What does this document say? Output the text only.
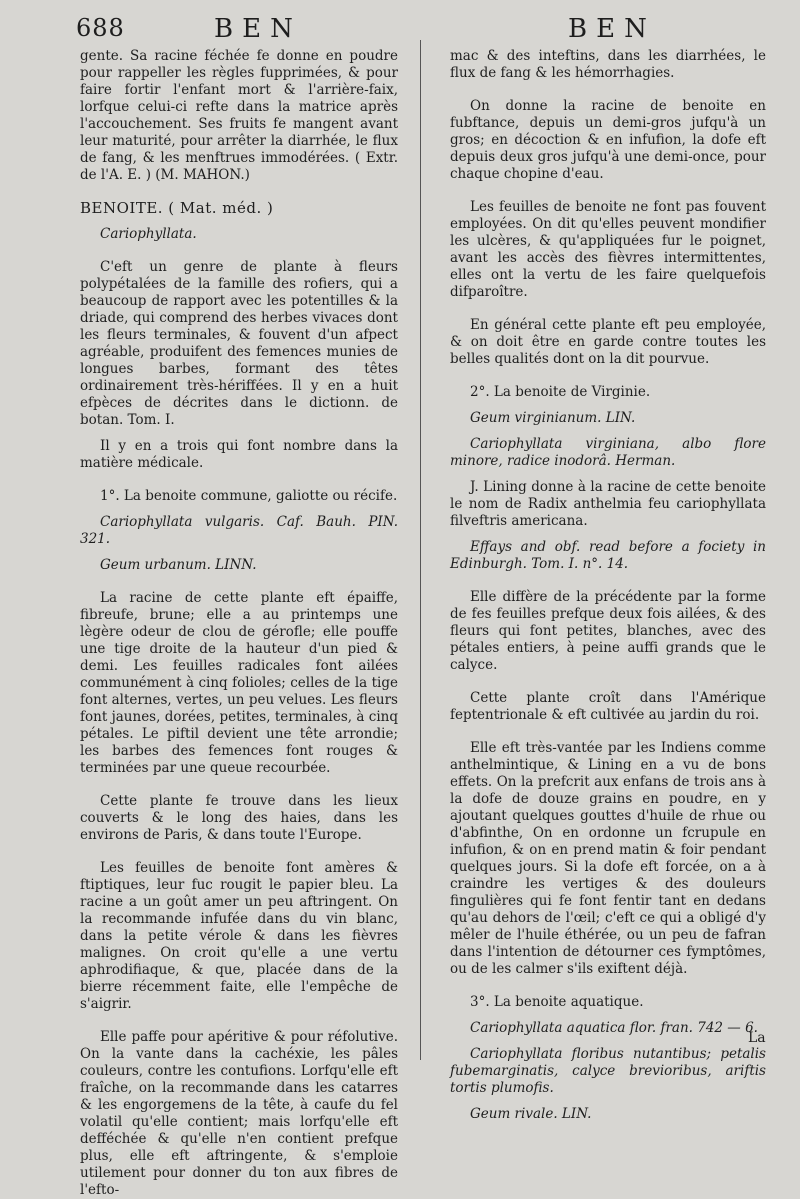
688	BEN	BEN

gente. Sa racine féchée fe donne en poudre pour rappeller les règles fupprimées, & pour faire fortir l'enfant mort & l'arrière-faix, lorfque celui-ci refte dans la matrice après l'accouchement. Ses fruits fe mangent avant leur maturité, pour arrêter la diarrhée, le flux de fang, & les menftrues immodérées. ( Extr. de l'A. E. ) (M. MAHON.)

BENOITE. ( Mat. méd. )

Cariophyllata.

C'eft un genre de plante à fleurs polypétalées de la famille des rofiers, qui a beaucoup de rapport avec les potentilles & la driade, qui comprend des herbes vivaces dont les fleurs terminales, & fouvent d'un afpect agréable, produifent des femences munies de longues barbes, formant des têtes ordinairement très-hériffées. Il y en a huit efpèces de décrites dans le dictionn. de botan. Tom. I.

Il y en a trois qui font nombre dans la matière médicale.

1°. La benoite commune, galiotte ou récife.

Cariophyllata vulgaris. Caf. Bauh. PIN. 321.

Geum urbanum. LINN.

La racine de cette plante eft épaiffe, fibreufe, brune; elle a au printemps une lègère odeur de clou de gérofle; elle pouffe une tige droite de la hauteur d'un pied & demi. Les feuilles radicales font ailées communément à cinq folioles; celles de la tige font alternes, vertes, un peu velues. Les fleurs font jaunes, dorées, petites, terminales, à cinq pétales. Le piftil devient une tête arrondie; les barbes des femences font rouges & terminées par une queue recourbée.

Cette plante fe trouve dans les lieux couverts & le long des haies, dans les environs de Paris, & dans toute l'Europe.

Les feuilles de benoite font amères & ftiptiques, leur fuc rougit le papier bleu. La racine a un goût amer un peu aftringent. On la recommande infufée dans du vin blanc, dans la petite vérole & dans les fièvres malignes. On croit qu'elle a une vertu aphrodifiaque, & que, placée dans de la bierre récemment faite, elle l'empêche de s'aigrir.

Elle paffe pour apéritive & pour réfolutive. On la vante dans la cachéxie, les pâles couleurs, contre les contufions. Lorfqu'elle eft fraîche, on la recommande dans les catarres & les engorgemens de la tête, à caufe du fel volatil qu'elle contient; mais lorfqu'elle eft defféchée & qu'elle n'en contient prefque plus, elle eft aftringente, & s'emploie utilement pour donner du ton aux fibres de l'efto-

mac & des inteftins, dans les diarrhées, le flux de fang & les hémorrhagies.

On donne la racine de benoite en fubftance, depuis un demi-gros jufqu'à un gros; en décoction & en infufion, la dofe eft depuis deux gros jufqu'à une demi-once, pour chaque chopine d'eau.

Les feuilles de benoite ne font pas fouvent employées. On dit qu'elles peuvent mondifier les ulcères, & qu'appliquées fur le poignet, avant les accès des fièvres intermittentes, elles ont la vertu de les faire quelquefois difparoître.

En général cette plante eft peu employée, & on doit être en garde contre toutes les belles qualités dont on la dit pourvue.

2°. La benoite de Virginie.

Geum virginianum. LIN.

Cariophyllata virginiana, albo flore minore, radice inodorâ. Herman.

J. Lining donne à la racine de cette benoite le nom de Radix anthelmia feu cariophyllata filveftris americana.

Effays and obf. read before a fociety in Edinburgh. Tom. I. n°. 14.

Elle diffère de la précédente par la forme de fes feuilles prefque deux fois ailées, & des fleurs qui font petites, blanches, avec des pétales entiers, à peine auffi grands que le calyce.

Cette plante croît dans l'Amérique feptentrionale & eft cultivée au jardin du roi.

Elle eft très-vantée par les Indiens comme anthelmintique, & Lining en a vu de bons effets. On la prefcrit aux enfans de trois ans à la dofe de douze grains en poudre, en y ajoutant quelques gouttes d'huile de rhue ou d'abfinthe, On en ordonne un fcrupule en infufion, & on en prend matin & foir pendant quelques jours. Si la dofe eft forcée, on a à craindre les vertiges & des douleurs fingulières qui fe font fentir tant en dedans qu'au dehors de l'œil; c'eft ce qui a obligé d'y mêler de l'huile éthérée, ou un peu de fafran dans l'intention de détourner ces fymptômes, ou de les calmer s'ils exiftent déjà.

3°. La benoite aquatique.

Cariophyllata aquatica flor. fran. 742 — 6.

Cariophyllata floribus nutantibus; petalis fubemarginatis, calyce brevioribus, ariftis tortis plumofis.

Geum rivale. LIN.

La
